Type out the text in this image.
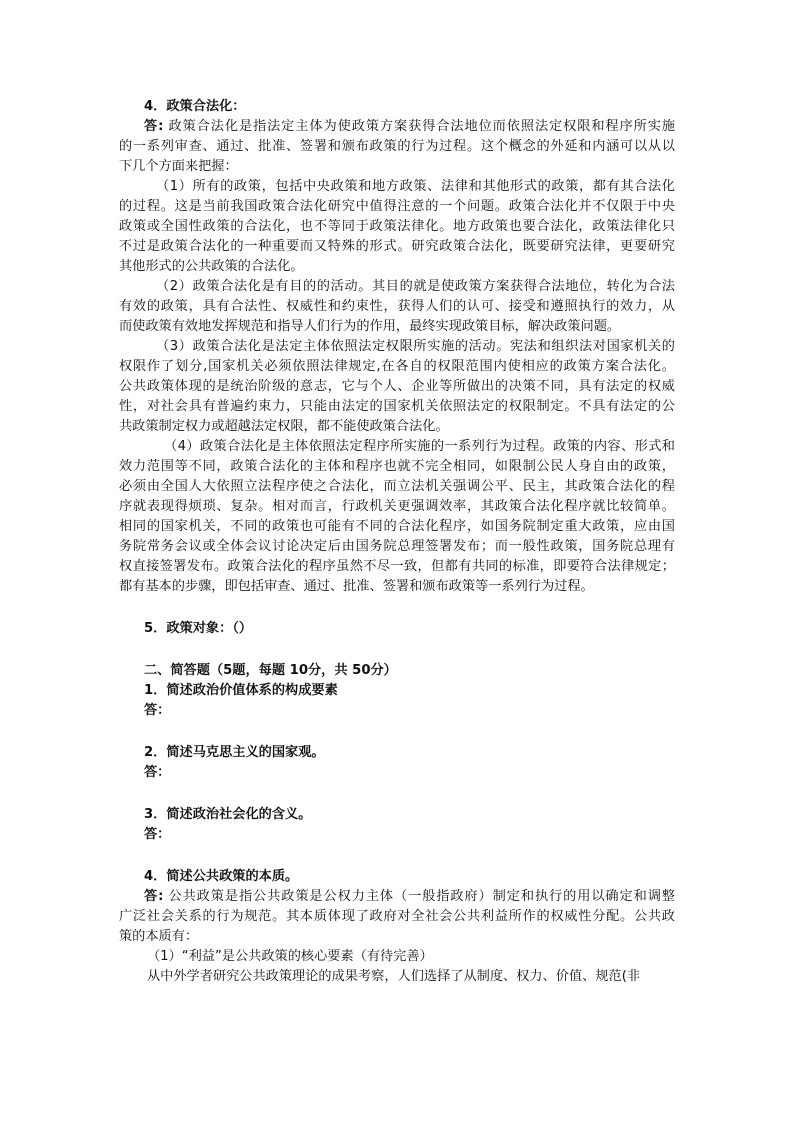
4．政策合法化：
答: 政策合法化是指法定主体为使政策方案获得合法地位而依照法定权限和程序所实施
的一系列审查、通过、批准、签署和颁布政策的行为过程。这个概念的外延和内涵可以从以
下几个方面来把握：
（1）所有的政策，包括中央政策和地方政策、法律和其他形式的政策，都有其合法化
的过程。这是当前我国政策合法化研究中值得注意的一个问题。政策合法化并不仅限于中央
政策或全国性政策的合法化，也不等同于政策法律化。地方政策也要合法化，政策法律化只
不过是政策合法化的一种重要而又特殊的形式。研究政策合法化，既要研究法律，更要研究
其他形式的公共政策的合法化。
（2）政策合法化是有目的的活动。其目的就是使政策方案获得合法地位，转化为合法
有效的政策，具有合法性、权威性和约束性，获得人们的认可、接受和遵照执行的效力，从
而使政策有效地发挥规范和指导人们行为的作用，最终实现政策目标，解决政策问题。
（3）政策合法化是法定主体依照法定权限所实施的活动。宪法和组织法对国家机关的
权限作了划分,国家机关必须依照法律规定,在各自的权限范围内使相应的政策方案合法化。
公共政策体现的是统治阶级的意志，它与个人、企业等所做出的决策不同，具有法定的权威
性，对社会具有普遍约束力，只能由法定的国家机关依照法定的权限制定。不具有法定的公
共政策制定权力或超越法定权限，都不能使政策合法化。
（4）政策合法化是主体依照法定程序所实施的一系列行为过程。政策的内容、形式和
效力范围等不同，政策合法化的主体和程序也就不完全相同，如限制公民人身自由的政策，
必须由全国人大依照立法程序使之合法化，而立法机关强调公平、民主，其政策合法化的程
序就表现得烦琐、复杂。相对而言，行政机关更强调效率，其政策合法化程序就比较简单。
相同的国家机关，不同的政策也可能有不同的合法化程序，如国务院制定重大政策，应由国
务院常务会议或全体会议讨论决定后由国务院总理签署发布；而一般性政策，国务院总理有
权直接签署发布。政策合法化的程序虽然不尽一致，但都有共同的标准，即要符合法律规定；
都有基本的步骤，即包括审查、通过、批准、签署和颁布政策等一系列行为过程。
5．政策对象：（）
二、简答题（5题，每题 10分，共 50分）
1．简述政治价值体系的构成要素
答：
2．简述马克思主义的国家观。
答：
3．简述政治社会化的含义。
答：
4．简述公共政策的本质。
答: 公共政策是指公共政策是公权力主体（一般指政府）制定和执行的用以确定和调整
广泛社会关系的行为规范。其本质体现了政府对全社会公共利益所作的权威性分配。公共政
策的本质有：
（1）“利益”是公共政策的核心要素（有待完善）
从中外学者研究公共政策理论的成果考察，人们选择了从制度、权力、价值、规范(非
